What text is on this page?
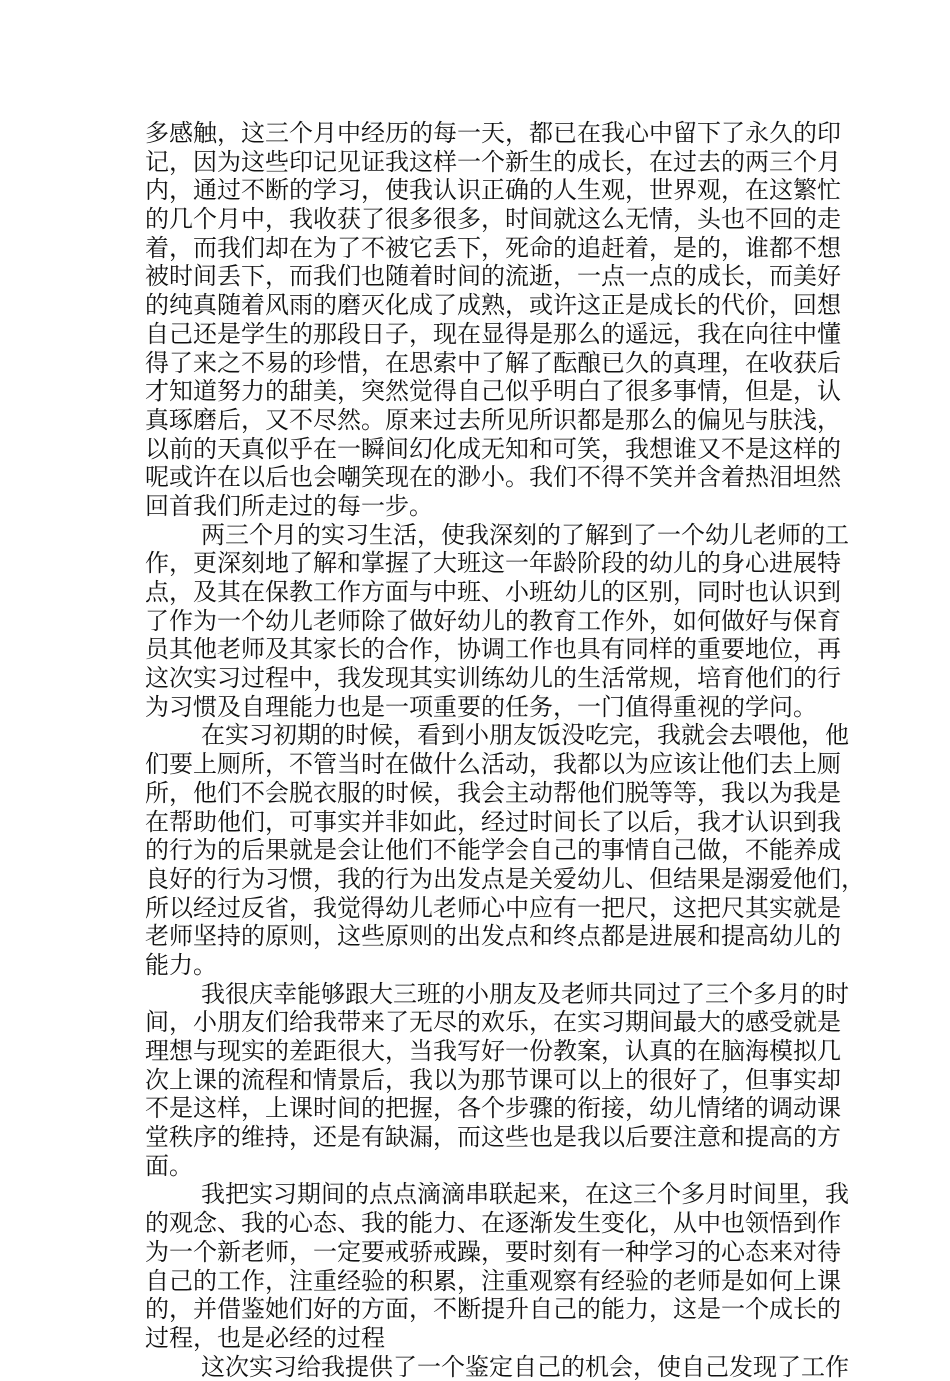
多感触，这三个月中经历的每一天，都已在我心中留下了永久的印
记，因为这些印记见证我这样一个新生的成长，在过去的两三个月
内，通过不断的学习，使我认识正确的人生观，世界观，在这繁忙
的几个月中，我收获了很多很多，时间就这么无情，头也不回的走
着，而我们却在为了不被它丢下，死命的追赶着，是的，谁都不想
被时间丢下，而我们也随着时间的流逝，一点一点的成长，而美好
的纯真随着风雨的磨灭化成了成熟，或许这正是成长的代价，回想
自己还是学生的那段日子，现在显得是那么的遥远，我在向往中懂
得了来之不易的珍惜，在思索中了解了酝酿已久的真理，在收获后
才知道努力的甜美，突然觉得自己似乎明白了很多事情，但是，认
真琢磨后，又不尽然。原来过去所见所识都是那么的偏见与肤浅，
以前的天真似乎在一瞬间幻化成无知和可笑，我想谁又不是这样的
呢或许在以后也会嘲笑现在的渺小。我们不得不笑并含着热泪坦然
回首我们所走过的每一步。
两三个月的实习生活，使我深刻的了解到了一个幼儿老师的工
作，更深刻地了解和掌握了大班这一年龄阶段的幼儿的身心进展特
点，及其在保教工作方面与中班、小班幼儿的区别，同时也认识到
了作为一个幼儿老师除了做好幼儿的教育工作外，如何做好与保育
员其他老师及其家长的合作，协调工作也具有同样的重要地位，再
这次实习过程中，我发现其实训练幼儿的生活常规，培育他们的行
为习惯及自理能力也是一项重要的任务，一门值得重视的学问。
在实习初期的时候，看到小朋友饭没吃完，我就会去喂他，他
们要上厕所，不管当时在做什么活动，我都以为应该让他们去上厕
所，他们不会脱衣服的时候，我会主动帮他们脱等等，我以为我是
在帮助他们，可事实并非如此，经过时间长了以后，我才认识到我
的行为的后果就是会让他们不能学会自己的事情自己做，不能养成
良好的行为习惯，我的行为出发点是关爱幼儿、但结果是溺爱他们，
所以经过反省，我觉得幼儿老师心中应有一把尺，这把尺其实就是
老师坚持的原则，这些原则的出发点和终点都是进展和提高幼儿的
能力。
我很庆幸能够跟大三班的小朋友及老师共同过了三个多月的时
间，小朋友们给我带来了无尽的欢乐，在实习期间最大的感受就是
理想与现实的差距很大，当我写好一份教案，认真的在脑海模拟几
次上课的流程和情景后，我以为那节课可以上的很好了，但事实却
不是这样，上课时间的把握，各个步骤的衔接，幼儿情绪的调动课
堂秩序的维持，还是有缺漏，而这些也是我以后要注意和提高的方
面。
我把实习期间的点点滴滴串联起来，在这三个多月时间里，我
的观念、我的心态、我的能力、在逐渐发生变化，从中也领悟到作
为一个新老师，一定要戒骄戒躁，要时刻有一种学习的心态来对待
自己的工作，注重经验的积累，注重观察有经验的老师是如何上课
的，并借鉴她们好的方面，不断提升自己的能力，这是一个成长的
过程，也是必经的过程
这次实习给我提供了一个鉴定自己的机会，使自己发现了工作
